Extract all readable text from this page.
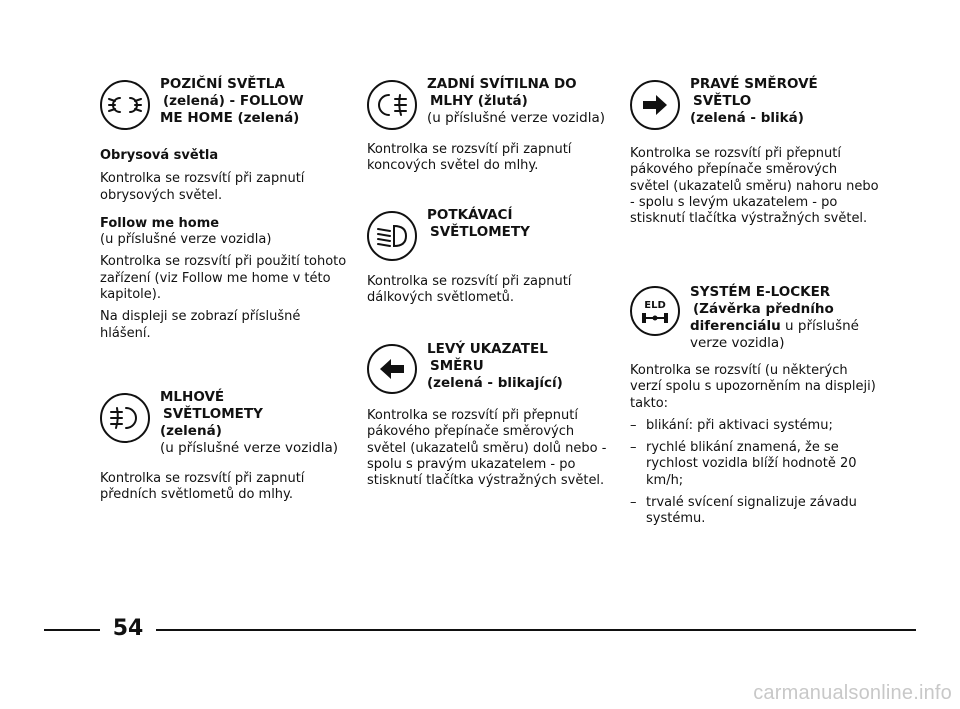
POZIČNÍ SVĚTLA
(zelená) - FOLLOW
ME HOME (zelená)

Obrysová světla

Kontrolka se rozsvítí při zapnutí obrysových světel.

Follow me home

(u příslušné verze vozidla)

Kontrolka se rozsvítí při použití tohoto zařízení (viz Follow me home v této kapitole).

Na displeji se zobrazí příslušné hlášení.

MLHOVÉ
SVĚTLOMETY
(zelená)
(u příslušné verze vozidla)

Kontrolka se rozsvítí při zapnutí předních světlometů do mlhy.

ZADNÍ SVÍTILNA DO
MLHY (žlutá)
(u příslušné verze vozidla)

Kontrolka se rozsvítí při zapnutí koncových světel do mlhy.

POTKÁVACÍ
SVĚTLOMETY

Kontrolka se rozsvítí při zapnutí dálkových světlometů.

LEVÝ UKAZATEL
SMĚRU
(zelená - blikající)

Kontrolka se rozsvítí při přepnutí pákového přepínače směrových světel (ukazatelů směru) dolů nebo - spolu s pravým ukazatelem - po stisknutí tlačítka výstražných světel.

PRAVÉ SMĚROVÉ
SVĚTLO
(zelená - bliká)

Kontrolka se rozsvítí při přepnutí pákového přepínače směrových světel (ukazatelů směru) nahoru nebo - spolu s levým ukazatelem - po stisknutí tlačítka výstražných světel.

ELD
SYSTÉM E-LOCKER
(Závěrka předního
diferenciálu u příslušné
verze vozidla)

Kontrolka se rozsvítí (u některých verzí spolu s upozorněním na displeji) takto:

– blikání: při aktivaci systému;
– rychlé blikání znamená, že se rychlost vozidla blíží hodnotě 20 km/h;
– trvalé svícení signalizuje závadu systému.
54
carmanualsonline.info
